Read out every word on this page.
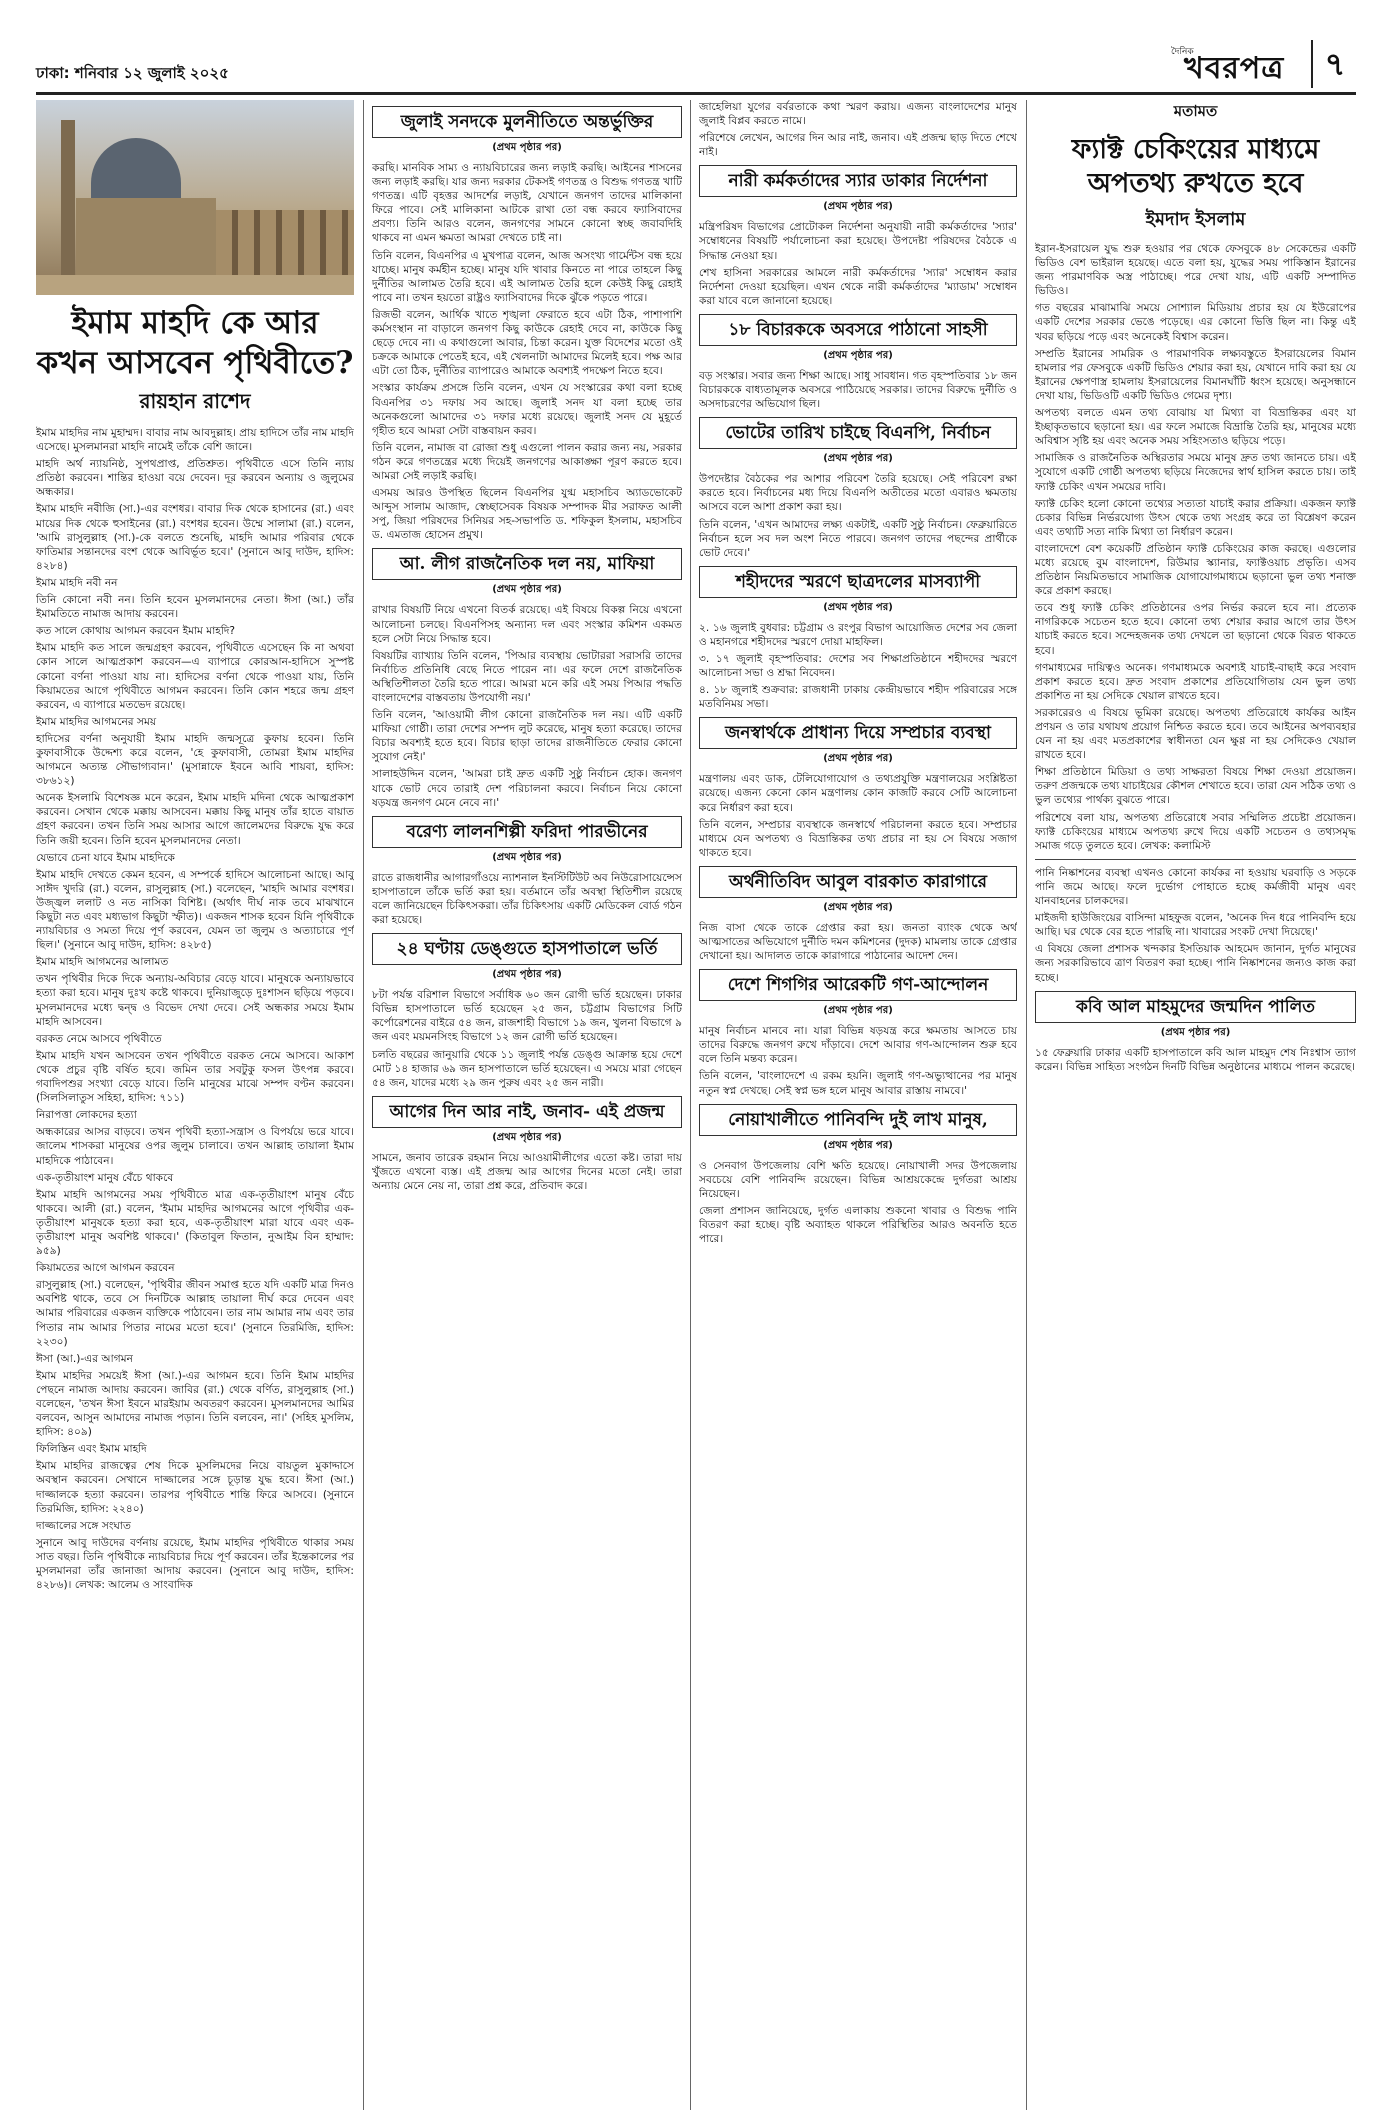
ঢাকা: শনিবার ১২ জুলাই ২০২৫
দৈনিক
খবরপত্র	৭
ইমাম মাহদি কে আর কখন আসবেন পৃথিবীতে?
রায়হান রাশেদ

ইমাম মাহদির নাম মুহাম্মদ। বাবার নাম আবদুল্লাহ। প্রায় হাদিসে তাঁর নাম মাহদি এসেছে। মুসলমানরা মাহদি নামেই তাঁকে বেশি জানে।

মাহদি অর্থ ন্যায়নিষ্ঠ, সুপথপ্রাপ্ত, প্রতিশ্রুত। পৃথিবীতে এসে তিনি ন্যায় প্রতিষ্ঠা করবেন। শান্তির হাওয়া বয়ে দেবেন। দূর করবেন অন্যায় ও জুলুমের অন্ধকার।

ইমাম মাহদি নবীজি (সা.)-এর বংশধর। বাবার দিক থেকে হাসানের (রা.) এবং মায়ের দিক থেকে হুসাইনের (রা.) বংশধর হবেন। উম্মে সালামা (রা.) বলেন, 'আমি রাসুলুল্লাহ (সা.)-কে বলতে শুনেছি, মাহদি আমার পরিবার থেকে ফাতিমার সন্তানদের বংশ থেকে আবির্ভূত হবে।' (সুনানে আবু দাউদ, হাদিস: ৪২৮৪)

ইমাম মাহদি নবী নন

তিনি কোনো নবী নন। তিনি হবেন মুসলমানদের নেতা। ঈসা (আ.) তাঁর ইমামতিতে নামাজ আদায় করবেন।

কত সালে কোথায় আগমন করবেন ইমাম মাহদি?

ইমাম মাহদি কত সালে জন্মগ্রহণ করবেন, পৃথিবীতে এসেছেন কি না অথবা কোন সালে আত্মপ্রকাশ করবেন—এ ব্যাপারে কোরআন-হাদিসে সুস্পষ্ট কোনো বর্ণনা পাওয়া যায় না। হাদিসের বর্ণনা থেকে পাওয়া যায়, তিনি কিয়ামতের আগে পৃথিবীতে আগমন করবেন। তিনি কোন শহরে জন্ম গ্রহণ করবেন, এ ব্যাপারে মতভেদ রয়েছে।

ইমাম মাহদির আগমনের সময়

হাদিসের বর্ণনা অনুযায়ী ইমাম মাহদি জন্মসূত্রে কুফায় হবেন। তিনি কুফাবাসীকে উদ্দেশ্য করে বলেন, 'হে কুফাবাসী, তোমরা ইমাম মাহদির আগমনে অত্যন্ত সৌভাগ্যবান।' (মুসান্নাফে ইবনে আবি শায়বা, হাদিস: ৩৮৬১২)

অনেক ইসলামি বিশেষজ্ঞ মনে করেন, ইমাম মাহদি মদিনা থেকে আত্মপ্রকাশ করবেন। সেখান থেকে মক্কায় আসবেন। মক্কায় কিছু মানুষ তাঁর হাতে বায়াত গ্রহণ করবেন। তখন তিনি সময় আসার আগে জালেমদের বিরুদ্ধে যুদ্ধ করে তিনি জয়ী হবেন। তিনি হবেন মুসলমানদের নেতা।

যেভাবে চেনা যাবে ইমাম মাহদিকে

ইমাম মাহদি দেখতে কেমন হবেন, এ সম্পর্কে হাদিসে আলোচনা আছে। আবু সাঈদ খুদরি (রা.) বলেন, রাসুলুল্লাহ (সা.) বলেছেন, 'মাহদি আমার বংশধর। উজ্জ্বল ললাট ও নত নাসিকা বিশিষ্ট। (অর্থাৎ দীর্ঘ নাক তবে মাঝখানে কিছুটা নত এবং মধ্যভাগ কিছুটা স্ফীত)। একজন শাসক হবেন যিনি পৃথিবীকে ন্যায়বিচার ও সমতা দিয়ে পূর্ণ করবেন, যেমন তা জুলুম ও অত্যাচারে পূর্ণ ছিল।' (সুনানে আবু দাউদ, হাদিস: ৪২৮৫)

ইমাম মাহদি আগমনের আলামত

তখন পৃথিবীর দিকে দিকে অন্যায়-অবিচার বেড়ে যাবে। মানুষকে অন্যায়ভাবে হত্যা করা হবে। মানুষ দুঃখ কষ্টে থাকবে। দুনিয়াজুড়ে দুঃশাসন ছড়িয়ে পড়বে। মুসলমানদের মধ্যে দ্বন্দ্ব ও বিভেদ দেখা দেবে। সেই অন্ধকার সময়ে ইমাম মাহদি আসবেন।

বরকত নেমে আসবে পৃথিবীতে

ইমাম মাহদি যখন আসবেন তখন পৃথিবীতে বরকত নেমে আসবে। আকাশ থেকে প্রচুর বৃষ্টি বর্ষিত হবে। জমিন তার সবটুকু ফসল উৎপন্ন করবে। গবাদিপশুর সংখ্যা বেড়ে যাবে। তিনি মানুষের মাঝে সম্পদ বণ্টন করবেন। (সিলসিলাতুস সহিহা, হাদিস: ৭১১)

নিরাপত্তা লোকদের হত্যা

অন্ধকারের আসর বাড়বে। তখন পৃথিবী হত্যা-সন্ত্রাস ও বিপর্যয়ে ভরে যাবে। জালেম শাসকরা মানুষের ওপর জুলুম চালাবে। তখন আল্লাহ তায়ালা ইমাম মাহদিকে পাঠাবেন।

এক-তৃতীয়াংশ মানুষ বেঁচে থাকবে

ইমাম মাহদি আগমনের সময় পৃথিবীতে মাত্র এক-তৃতীয়াংশ মানুষ বেঁচে থাকবে। আলী (রা.) বলেন, 'ইমাম মাহদির আগমনের আগে পৃথিবীর এক-তৃতীয়াংশ মানুষকে হত্যা করা হবে, এক-তৃতীয়াংশ মারা যাবে এবং এক-তৃতীয়াংশ মানুষ অবশিষ্ট থাকবে।' (কিতাবুল ফিতান, নুআইম বিন হাম্মাদ: ৯৫৯)

কিয়ামতের আগে আগমন করবেন

রাসুলুল্লাহ (সা.) বলেছেন, 'পৃথিবীর জীবন সমাপ্ত হতে যদি একটি মাত্র দিনও অবশিষ্ট থাকে, তবে সে দিনটিকে আল্লাহ তায়ালা দীর্ঘ করে দেবেন এবং আমার পরিবারের একজন ব্যক্তিকে পাঠাবেন। তার নাম আমার নাম এবং তার পিতার নাম আমার পিতার নামের মতো হবে।' (সুনানে তিরমিজি, হাদিস: ২২৩০)

ঈসা (আ.)-এর আগমন

ইমাম মাহদির সময়েই ঈসা (আ.)-এর আগমন হবে। তিনি ইমাম মাহদির পেছনে নামাজ আদায় করবেন। জাবির (রা.) থেকে বর্ণিত, রাসুলুল্লাহ (সা.) বলেছেন, 'তখন ঈসা ইবনে মারইয়াম অবতরণ করবেন। মুসলমানদের আমির বলবেন, আসুন আমাদের নামাজ পড়ান। তিনি বলবেন, না।' (সহিহ মুসলিম, হাদিস: ৪০৯)

ফিলিস্তিন এবং ইমাম মাহদি

ইমাম মাহদির রাজত্বের শেষ দিকে মুসলিমদের নিয়ে বায়তুল মুকাদ্দাসে অবস্থান করবেন। সেখানে দাজ্জালের সঙ্গে চূড়ান্ত যুদ্ধ হবে। ঈসা (আ.) দাজ্জালকে হত্যা করবেন। তারপর পৃথিবীতে শান্তি ফিরে আসবে। (সুনানে তিরমিজি, হাদিস: ২২৪০)

দাজ্জালের সঙ্গে সংঘাত

সুনানে আবু দাউদের বর্ণনায় রয়েছে, ইমাম মাহদির পৃথিবীতে থাকার সময় সাত বছর। তিনি পৃথিবীকে ন্যায়বিচার দিয়ে পূর্ণ করবেন। তাঁর ইন্তেকালের পর মুসলমানরা তাঁর জানাজা আদায় করবেন। (সুনানে আবু দাউদ, হাদিস: ৪২৮৬)। লেখক: আলেম ও সাংবাদিক

জুলাই সনদকে মুলনীতিতে অন্তর্ভুক্তির
(প্রথম পৃষ্ঠার পর)

করছি। মানবিক সাম্য ও ন্যায়বিচারের জন্য লড়াই করছি। আইনের শাসনের জন্য লড়াই করছি। যার জন্য দরকার টেকসই গণতন্ত্র ও বিশুদ্ধ গণতন্ত্র খাটি গণতন্ত্র। এটি বৃহত্তর আদর্শের লড়াই, যেখানে জনগণ তাদের মালিকানা ফিরে পাবে। সেই মালিকানা আটকে রাখা তো বন্ধ করবে ফ্যাসিবাদের প্রবণ্য। তিনি আরও বলেন, জনগণের সামনে কোনো স্বচ্ছ জবাবদিহি থাকবে না এমন ক্ষমতা আমরা দেখতে চাই না।

তিনি বলেন, বিএনপির এ মুখপাত্র বলেন, আজ অসংখ্য গার্মেন্টস বন্ধ হয়ে যাচ্ছে। মানুষ কর্মহীন হচ্ছে। মানুষ যদি খাবার কিনতে না পারে তাহলে কিছু দুর্নীতির আলামত তৈরি হবে। এই আলামত তৈরি হলে কেউই কিছু রেহাই পাবে না। তখন হয়তো রাষ্ট্রও ফ্যাসিবাদের দিকে ঝুঁকে পড়তে পারে।

রিজভী বলেন, আর্থিক খাতে শৃঙ্খলা ফেরাতে হবে এটা ঠিক, পাশাপাশি কর্মসংস্থান না বাড়ালে জনগণ কিছু কাউকে রেহাই দেবে না, কাউকে কিছু ছেড়ে দেবে না। এ কথাগুলো আবার, চিন্তা করেন। যুক্ত বিদেশের মতো ওই চক্রকে আমাকে পেতেই হবে, এই খেলনাটা আমাদের মিলেই হবে। পক্ষ আর এটা তো ঠিক, দুর্নীতির ব্যাপারেও আমাকে অবশ্যই পদক্ষেপ নিতে হবে।

সংস্কার কার্যক্রম প্রসঙ্গে তিনি বলেন, এখন যে সংস্কারের কথা বলা হচ্ছে বিএনপির ৩১ দফায় সব আছে। জুলাই সনদ যা বলা হচ্ছে তার অনেকগুলো আমাদের ৩১ দফার মধ্যে রয়েছে। জুলাই সনদ যে মুহূর্তে গৃহীত হবে আমরা সেটা বাস্তবায়ন করব।

তিনি বলেন, নামাজ বা রোজা শুধু এগুলো পালন করার জন্য নয়, সরকার গঠন করে গণতন্ত্রের মধ্যে দিয়েই জনগণের আকাঙ্ক্ষা পূরণ করতে হবে। আমরা সেই লড়াই করছি।

এসময় আরও উপস্থিত ছিলেন বিএনপির যুগ্ম মহাসচিব অ্যাডভোকেট আব্দুস সালাম আজাদ, স্বেচ্ছাসেবক বিষয়ক সম্পাদক মীর সরাফত আলী সপু, জিয়া পরিষদের সিনিয়র সহ-সভাপতি ড. শফিকুল ইসলাম, মহাসচিব ড. এমতাজ হোসেন প্রমুখ।

আ. লীগ রাজনৈতিক দল নয়, মাফিয়া
(প্রথম পৃষ্ঠার পর)

রাখার বিষয়টি নিয়ে এখনো বিতর্ক রয়েছে। এই বিষয়ে বিকল্প নিয়ে এখনো আলোচনা চলছে। বিএনপিসহ অন্যান্য দল এবং সংস্কার কমিশন একমত হলে সেটা নিয়ে সিদ্ধান্ত হবে।

বিষয়টির ব্যাখ্যায় তিনি বলেন, 'পিআর ব্যবস্থায় ভোটাররা সরাসরি তাদের নির্বাচিত প্রতিনিধি বেছে নিতে পারেন না। এর ফলে দেশে রাজনৈতিক অস্থিতিশীলতা তৈরি হতে পারে। আমরা মনে করি এই সময় পিআর পদ্ধতি বাংলাদেশের বাস্তবতায় উপযোগী নয়।'

তিনি বলেন, 'আওয়ামী লীগ কোনো রাজনৈতিক দল নয়। এটি একটি মাফিয়া গোষ্ঠী। তারা দেশের সম্পদ লুট করেছে, মানুষ হত্যা করেছে। তাদের বিচার অবশ্যই হতে হবে। বিচার ছাড়া তাদের রাজনীতিতে ফেরার কোনো সুযোগ নেই।'

সালাহউদ্দিন বলেন, 'আমরা চাই দ্রুত একটি সুষ্ঠু নির্বাচন হোক। জনগণ যাকে ভোট দেবে তারাই দেশ পরিচালনা করবে। নির্বাচন নিয়ে কোনো ষড়যন্ত্র জনগণ মেনে নেবে না।'

বরেণ্য লালনশিল্পী ফরিদা পারভীনের
(প্রথম পৃষ্ঠার পর)

রাতে রাজধানীর আগারগাঁওয়ে ন্যাশনাল ইনস্টিটিউট অব নিউরোসায়েন্সেস হাসপাতালে তাঁকে ভর্তি করা হয়। বর্তমানে তাঁর অবস্থা স্থিতিশীল রয়েছে বলে জানিয়েছেন চিকিৎসকরা। তাঁর চিকিৎসায় একটি মেডিকেল বোর্ড গঠন করা হয়েছে।

২৪ ঘণ্টায় ডেঙ্গুতে হাসপাতালে ভর্তি
(প্রথম পৃষ্ঠার পর)

৮টা পর্যন্ত বরিশাল বিভাগে সর্বাধিক ৬০ জন রোগী ভর্তি হয়েছেন। ঢাকার বিভিন্ন হাসপাতালে ভর্তি হয়েছেন ২৫ জন, চট্টগ্রাম বিভাগের সিটি কর্পোরেশনের বাইরে ৫৪ জন, রাজশাহী বিভাগে ১৯ জন, খুলনা বিভাগে ৯ জন এবং ময়মনসিংহ বিভাগে ১২ জন রোগী ভর্তি হয়েছেন।

চলতি বছরের জানুয়ারি থেকে ১১ জুলাই পর্যন্ত ডেঙ্গু আক্রান্ত হয়ে দেশে মোট ১৪ হাজার ৬৯ জন হাসপাতালে ভর্তি হয়েছেন। এ সময়ে মারা গেছেন ৫৪ জন, যাদের মধ্যে ২৯ জন পুরুষ এবং ২৫ জন নারী।

আগের দিন আর নাই, জনাব- এই প্রজন্ম
(প্রথম পৃষ্ঠার পর)

সামনে, জনাব তারেক রহমান নিয়ে আওয়ামীলীগের এতো কষ্ট। তারা দায় খুঁজতে এখনো ব্যস্ত। এই প্রজন্ম আর আগের দিনের মতো নেই। তারা অন্যায় মেনে নেয় না, তারা প্রশ্ন করে, প্রতিবাদ করে।

জাহেলিয়া যুগের বর্বরতাকে কথা স্মরণ করায়। এজন্য বাংলাদেশের মানুষ জুলাই বিপ্লব করতে নামে।

পরিশেষে লেখেন, আগের দিন আর নাই, জনাব। এই প্রজন্ম ছাড় দিতে শেখে নাই।

নারী কর্মকর্তাদের স্যার ডাকার নির্দেশনা
(প্রথম পৃষ্ঠার পর)

মন্ত্রিপরিষদ বিভাগের প্রোটোকল নির্দেশনা অনুযায়ী নারী কর্মকর্তাদের 'স্যার' সম্বোধনের বিষয়টি পর্যালোচনা করা হয়েছে। উপদেষ্টা পরিষদের বৈঠকে এ সিদ্ধান্ত নেওয়া হয়।

শেখ হাসিনা সরকারের আমলে নারী কর্মকর্তাদের 'স্যার' সম্বোধন করার নির্দেশনা দেওয়া হয়েছিল। এখন থেকে নারী কর্মকর্তাদের 'ম্যাডাম' সম্বোধন করা যাবে বলে জানানো হয়েছে।

১৮ বিচারককে অবসরে পাঠানো সাহসী
(প্রথম পৃষ্ঠার পর)

বড় সংস্কার। সবার জন্য শিক্ষা আছে। সাধু সাবধান। গত বৃহস্পতিবার ১৮ জন বিচারককে বাধ্যতামূলক অবসরে পাঠিয়েছে সরকার। তাদের বিরুদ্ধে দুর্নীতি ও অসদাচরণের অভিযোগ ছিল।

ভোটের তারিখ চাইছে বিএনপি, নির্বাচন
(প্রথম পৃষ্ঠার পর)

উপদেষ্টার বৈঠকের পর আশার পরিবেশ তৈরি হয়েছে। সেই পরিবেশ রক্ষা করতে হবে। নির্বাচনের মধ্য দিয়ে বিএনপি অতীতের মতো এবারও ক্ষমতায় আসবে বলে আশা প্রকাশ করা হয়।

তিনি বলেন, 'এখন আমাদের লক্ষ্য একটাই, একটি সুষ্ঠু নির্বাচন। ফেব্রুয়ারিতে নির্বাচন হলে সব দল অংশ নিতে পারবে। জনগণ তাদের পছন্দের প্রার্থীকে ভোট দেবে।'

শহীদদের স্মরণে ছাত্রদলের মাসব্যাপী
(প্রথম পৃষ্ঠার পর)

২. ১৬ জুলাই বুধবার: চট্টগ্রাম ও রংপুর বিভাগ আয়োজিত দেশের সব জেলা ও মহানগরে শহীদদের স্মরণে দোয়া মাহফিল।

৩. ১৭ জুলাই বৃহস্পতিবার: দেশের সব শিক্ষাপ্রতিষ্ঠানে শহীদদের স্মরণে আলোচনা সভা ও শ্রদ্ধা নিবেদন।

৪. ১৮ জুলাই শুক্রবার: রাজধানী ঢাকায় কেন্দ্রীয়ভাবে শহীদ পরিবারের সঙ্গে মতবিনিময় সভা।

জনস্বার্থকে প্রাধান্য দিয়ে সম্প্রচার ব্যবস্থা
(প্রথম পৃষ্ঠার পর)

মন্ত্রণালয় এবং ডাক, টেলিযোগাযোগ ও তথ্যপ্রযুক্তি মন্ত্রণালয়ের সংশ্লিষ্টতা রয়েছে। এজন্য কেনো কোন মন্ত্রণালয় কোন কাজটি করবে সেটি আলোচনা করে নির্ধারণ করা হবে।

তিনি বলেন, সম্প্রচার ব্যবস্থাকে জনস্বার্থে পরিচালনা করতে হবে। সম্প্রচার মাধ্যমে যেন অপতথ্য ও বিভ্রান্তিকর তথ্য প্রচার না হয় সে বিষয়ে সজাগ থাকতে হবে।

অর্থনীতিবিদ আবুল বারকাত কারাগারে
(প্রথম পৃষ্ঠার পর)

নিজ বাসা থেকে তাকে গ্রেপ্তার করা হয়। জনতা ব্যাংক থেকে অর্থ আত্মসাতের অভিযোগে দুর্নীতি দমন কমিশনের (দুদক) মামলায় তাকে গ্রেপ্তার দেখানো হয়। আদালত তাকে কারাগারে পাঠানোর আদেশ দেন।

দেশে শিগগির আরেকটি গণ-আন্দোলন
(প্রথম পৃষ্ঠার পর)

মানুষ নির্বাচন মানবে না। যারা বিভিন্ন ষড়যন্ত্র করে ক্ষমতায় আসতে চায় তাদের বিরুদ্ধে জনগণ রুখে দাঁড়াবে। দেশে আবার গণ-আন্দোলন শুরু হবে বলে তিনি মন্তব্য করেন।

তিনি বলেন, 'বাংলাদেশে এ রকম হয়নি। জুলাই গণ-অভ্যুত্থানের পর মানুষ নতুন স্বপ্ন দেখছে। সেই স্বপ্ন ভঙ্গ হলে মানুষ আবার রাস্তায় নামবে।'

নোয়াখালীতে পানিবন্দি দুই লাখ মানুষ,
(প্রথম পৃষ্ঠার পর)

ও সেনবাগ উপজেলায় বেশি ক্ষতি হয়েছে। নোয়াখালী সদর উপজেলায় সবচেয়ে বেশি পানিবন্দি রয়েছেন। বিভিন্ন আশ্রয়কেন্দ্রে দুর্গতরা আশ্রয় নিয়েছেন।

জেলা প্রশাসন জানিয়েছে, দুর্গত এলাকায় শুকনো খাবার ও বিশুদ্ধ পানি বিতরণ করা হচ্ছে। বৃষ্টি অব্যাহত থাকলে পরিস্থিতির আরও অবনতি হতে পারে।

মতামত
ফ্যাক্ট চেকিংয়ের মাধ্যমে অপতথ্য রুখতে হবে
ইমদাদ ইসলাম

ইরান-ইসরায়েল যুদ্ধ শুরু হওয়ার পর থেকে ফেসবুকে ৪৮ সেকেন্ডের একটি ভিডিও বেশ ভাইরাল হয়েছে। এতে বলা হয়, যুদ্ধের সময় পাকিস্তান ইরানের জন্য পারমাণবিক অস্ত্র পাঠাচ্ছে। পরে দেখা যায়, এটি একটি সম্পাদিত ভিডিও।

গত বছরের মাঝামাঝি সময়ে সোশ্যাল মিডিয়ায় প্রচার হয় যে ইউরোপের একটি দেশের সরকার ভেঙে পড়েছে। এর কোনো ভিত্তি ছিল না। কিন্তু এই খবর ছড়িয়ে পড়ে এবং অনেকেই বিশ্বাস করেন।

সম্প্রতি ইরানের সামরিক ও পারমাণবিক লক্ষ্যবস্তুতে ইসরায়েলের বিমান হামলার পর ফেসবুকে একটি ভিডিও শেয়ার করা হয়, যেখানে দাবি করা হয় যে ইরানের ক্ষেপণাস্ত্র হামলায় ইসরায়েলের বিমানঘাঁটি ধ্বংস হয়েছে। অনুসন্ধানে দেখা যায়, ভিডিওটি একটি ভিডিও গেমের দৃশ্য।

অপতথ্য বলতে এমন তথ্য বোঝায় যা মিথ্যা বা বিভ্রান্তিকর এবং যা ইচ্ছাকৃতভাবে ছড়ানো হয়। এর ফলে সমাজে বিভ্রান্তি তৈরি হয়, মানুষের মধ্যে অবিশ্বাস সৃষ্টি হয় এবং অনেক সময় সহিংসতাও ছড়িয়ে পড়ে।

সামাজিক ও রাজনৈতিক অস্থিরতার সময়ে মানুষ দ্রুত তথ্য জানতে চায়। এই সুযোগে একটি গোষ্ঠী অপতথ্য ছড়িয়ে নিজেদের স্বার্থ হাসিল করতে চায়। তাই ফ্যাক্ট চেকিং এখন সময়ের দাবি।

ফ্যাক্ট চেকিং হলো কোনো তথ্যের সত্যতা যাচাই করার প্রক্রিয়া। একজন ফ্যাক্ট চেকার বিভিন্ন নির্ভরযোগ্য উৎস থেকে তথ্য সংগ্রহ করে তা বিশ্লেষণ করেন এবং তথ্যটি সত্য নাকি মিথ্যা তা নির্ধারণ করেন।

বাংলাদেশে বেশ কয়েকটি প্রতিষ্ঠান ফ্যাক্ট চেকিংয়ের কাজ করছে। এগুলোর মধ্যে রয়েছে বুম বাংলাদেশ, রিউমার স্ক্যানার, ফ্যাক্টওয়াচ প্রভৃতি। এসব প্রতিষ্ঠান নিয়মিতভাবে সামাজিক যোগাযোগমাধ্যমে ছড়ানো ভুল তথ্য শনাক্ত করে প্রকাশ করছে।

তবে শুধু ফ্যাক্ট চেকিং প্রতিষ্ঠানের ওপর নির্ভর করলে হবে না। প্রত্যেক নাগরিককে সচেতন হতে হবে। কোনো তথ্য শেয়ার করার আগে তার উৎস যাচাই করতে হবে। সন্দেহজনক তথ্য দেখলে তা ছড়ানো থেকে বিরত থাকতে হবে।

গণমাধ্যমের দায়িত্বও অনেক। গণমাধ্যমকে অবশ্যই যাচাই-বাছাই করে সংবাদ প্রকাশ করতে হবে। দ্রুত সংবাদ প্রকাশের প্রতিযোগিতায় যেন ভুল তথ্য প্রকাশিত না হয় সেদিকে খেয়াল রাখতে হবে।

সরকারেরও এ বিষয়ে ভূমিকা রয়েছে। অপতথ্য প্রতিরোধে কার্যকর আইন প্রণয়ন ও তার যথাযথ প্রয়োগ নিশ্চিত করতে হবে। তবে আইনের অপব্যবহার যেন না হয় এবং মতপ্রকাশের স্বাধীনতা যেন ক্ষুণ্ণ না হয় সেদিকেও খেয়াল রাখতে হবে।

শিক্ষা প্রতিষ্ঠানে মিডিয়া ও তথ্য সাক্ষরতা বিষয়ে শিক্ষা দেওয়া প্রয়োজন। তরুণ প্রজন্মকে তথ্য যাচাইয়ের কৌশল শেখাতে হবে। তারা যেন সঠিক তথ্য ও ভুল তথ্যের পার্থক্য বুঝতে পারে।

পরিশেষে বলা যায়, অপতথ্য প্রতিরোধে সবার সম্মিলিত প্রচেষ্টা প্রয়োজন। ফ্যাক্ট চেকিংয়ের মাধ্যমে অপতথ্য রুখে দিয়ে একটি সচেতন ও তথ্যসমৃদ্ধ সমাজ গড়ে তুলতে হবে। লেখক: কলামিস্ট

পানি নিষ্কাশনের ব্যবস্থা এখনও কোনো কার্যকর না হওয়ায় ঘরবাড়ি ও সড়কে পানি জমে আছে। ফলে দুর্ভোগ পোহাতে হচ্ছে কর্মজীবী মানুষ এবং যানবাহনের চালকদের।

মাইজদী হাউজিংয়ের বাসিন্দা মাহফুজ বলেন, 'অনেক দিন ধরে পানিবন্দি হয়ে আছি। ঘর থেকে বের হতে পারছি না। খাবারের সংকট দেখা দিয়েছে।'

এ বিষয়ে জেলা প্রশাসক খন্দকার ইসতিয়াক আহমেদ জানান, দুর্গত মানুষের জন্য সরকারিভাবে ত্রাণ বিতরণ করা হচ্ছে। পানি নিষ্কাশনের জন্যও কাজ করা হচ্ছে।

কবি আল মাহমুদের জন্মদিন পালিত
(প্রথম পৃষ্ঠার পর)

১৫ ফেব্রুয়ারি ঢাকার একটি হাসপাতালে কবি আল মাহমুদ শেষ নিঃশ্বাস ত্যাগ করেন। বিভিন্ন সাহিত্য সংগঠন দিনটি বিভিন্ন অনুষ্ঠানের মাধ্যমে পালন করেছে।
